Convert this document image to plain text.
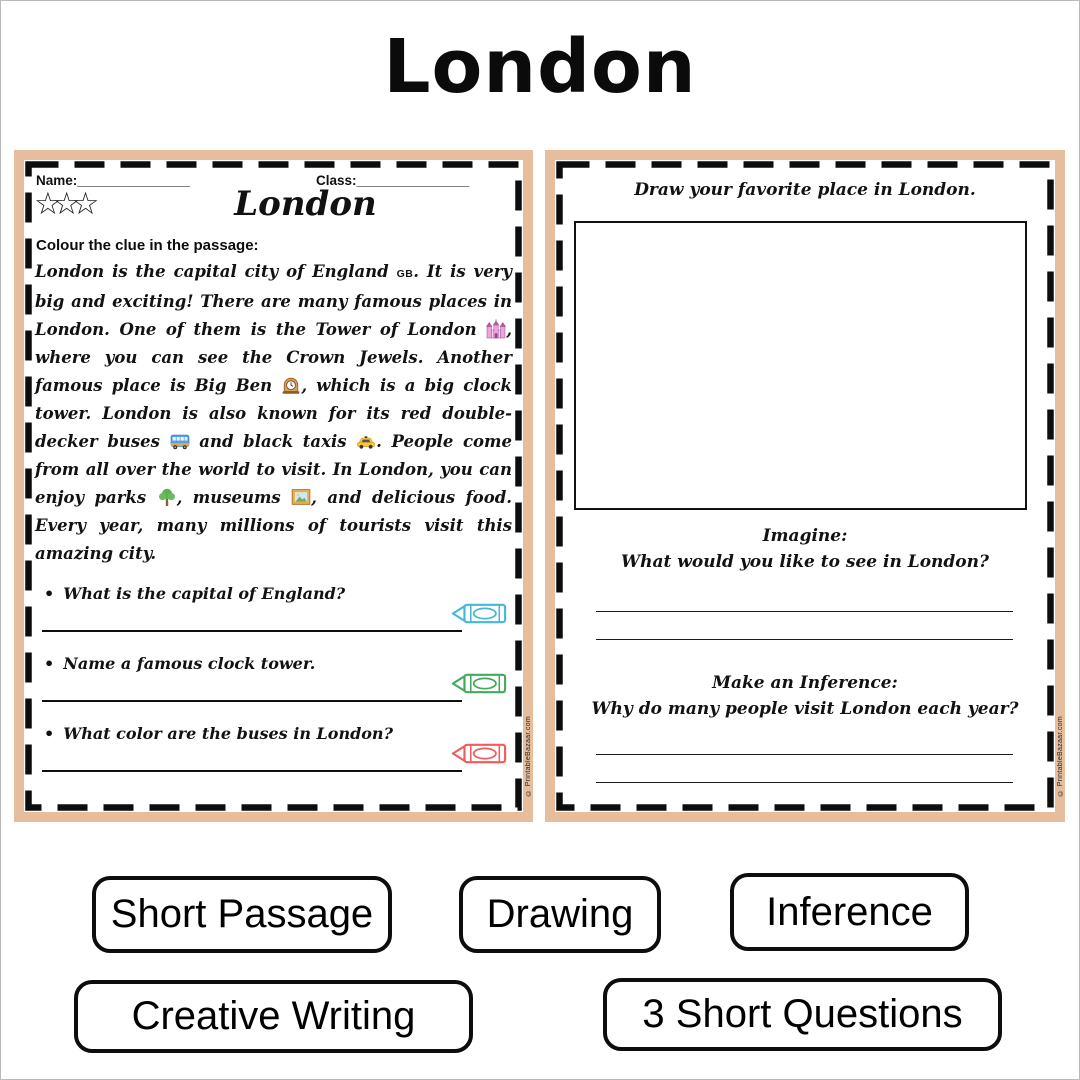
London
Name:_______________	Class:_______________
☆☆☆	London
Colour the clue in the passage:
London is the capital city of England GB. It is very big and exciting! There are many famous places in London. One of them is the Tower of London , where you can see the Crown Jewels. Another famous place is Big Ben , which is a big clock tower. London is also known for its red double-decker buses  and black taxis . People come from all over the world to visit. In London, you can enjoy parks , museums , and delicious food. Every year, many millions of tourists visit this amazing city.
• What is the capital of England?
• Name a famous clock tower.
• What color are the buses in London?	© PrintableBazaar.com
Draw your favorite place in London.
Imagine:
What would you like to see in London?
Make an Inference:
Why do many people visit London each year?
© PrintableBazaar.com
Short Passage	Drawing	Inference
Creative Writing	3 Short Questions
